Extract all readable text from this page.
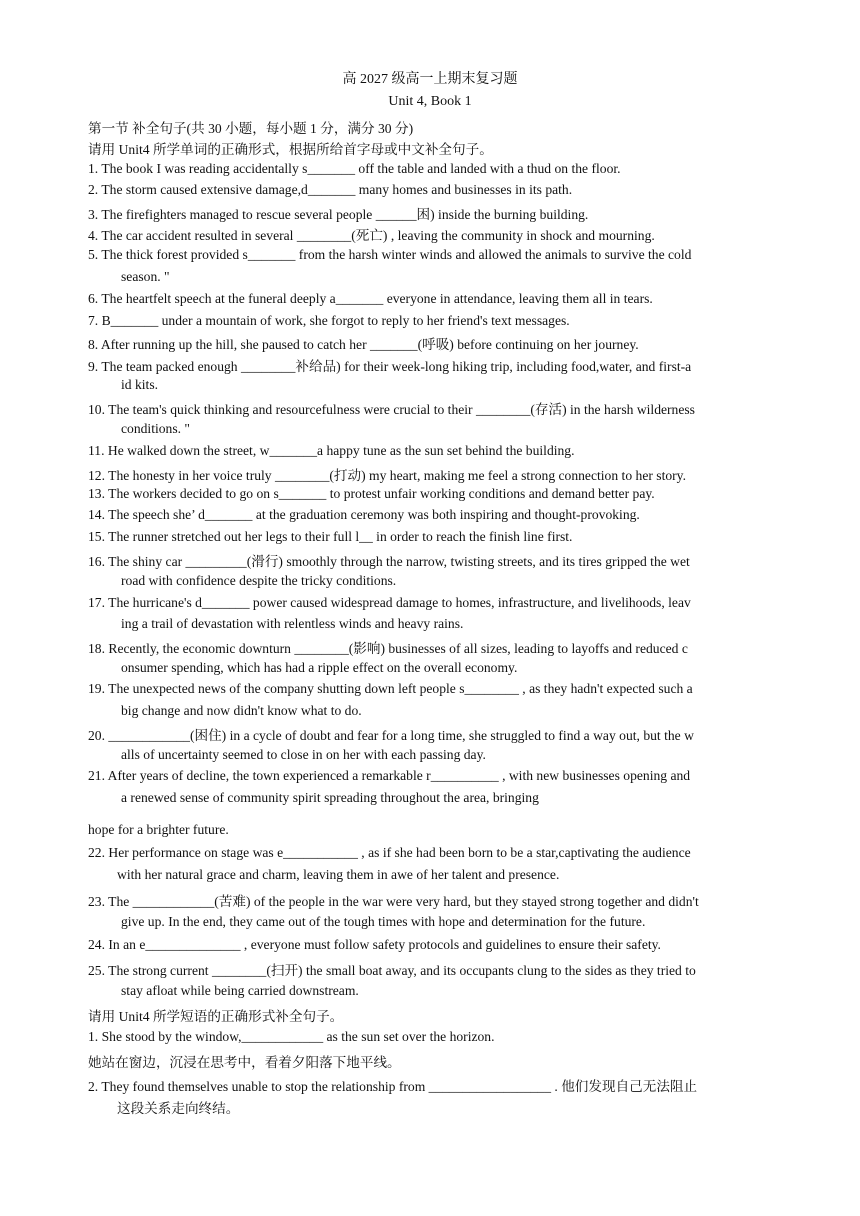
高 2027 级高一上期末复习题
Unit 4, Book 1
第一节 补全句子(共 30 小题，每小题 1 分，满分 30 分)
请用 Unit4 所学单词的正确形式，根据所给首字母或中文补全句子。
1. The book I was reading accidentally s_______ off the table and landed with a thud on the floor.
2. The storm caused extensive damage,d_______ many homes and businesses in its path.
3. The firefighters managed to rescue several people ______困) inside the burning building.
4. The car accident resulted in several ________(死亡) , leaving the community in shock and mourning.
5. The thick forest provided s_______ from the harsh winter winds and allowed the animals to survive the cold
season. "
6. The heartfelt speech at the funeral deeply a_______ everyone in attendance, leaving them all in tears.
7. B_______ under a mountain of work, she forgot to reply to her friend's text messages.
8. After running up the hill, she paused to catch her _______(呼吸) before continuing on her journey.
9. The team packed enough ________补给品) for their week-long hiking trip, including food,water, and first-a
id kits.
10. The team's quick thinking and resourcefulness were crucial to their ________(存活) in the harsh wilderness
conditions. "
11. He walked down the street, w_______a happy tune as the sun set behind the building.
12. The honesty in her voice truly ________(打动) my heart, making me feel a strong connection to her story.
13. The workers decided to go on s_______ to protest unfair working conditions and demand better pay.
14. The speech she’ d_______ at the graduation ceremony was both inspiring and thought-provoking.
15. The runner stretched out her legs to their full l__ in order to reach the finish line first.
16. The shiny car _________(滑行) smoothly through the narrow, twisting streets, and its tires gripped the wet
road with confidence despite the tricky conditions.
17. The hurricane's d_______ power caused widespread damage to homes, infrastructure, and livelihoods, leav
ing a trail of devastation with relentless winds and heavy rains.
18. Recently, the economic downturn ________(影响) businesses of all sizes, leading to layoffs and reduced c
onsumer spending, which has had a ripple effect on the overall economy.
19. The unexpected news of the company shutting down left people s________ , as they hadn't expected such a
big change and now didn't know what to do.
20. ____________(困住) in a cycle of doubt and fear for a long time, she struggled to find a way out, but the w
alls of uncertainty seemed to close in on her with each passing day.
21. After years of decline, the town experienced a remarkable r__________ , with new businesses opening and
a renewed sense of community spirit spreading throughout the area, bringing
hope for a brighter future.
22. Her performance on stage was e___________ , as if she had been born to be a star,captivating the audience
with her natural grace and charm, leaving them in awe of her talent and presence.
23. The ____________(苦难) of the people in the war were very hard, but they stayed strong together and didn't
give up. In the end, they came out of the tough times with hope and determination for the future.
24. In an e______________ , everyone must follow safety protocols and guidelines to ensure their safety.
25. The strong current ________(扫开) the small boat away, and its occupants clung to the sides as they tried to
stay afloat while being carried downstream.
请用 Unit4 所学短语的正确形式补全句子。
1. She stood by the window,____________ as the sun set over the horizon.
她站在窗边，沉浸在思考中，看着夕阳落下地平线。
2. They found themselves unable to stop the relationship from __________________ . 他们发现自己无法阻止
这段关系走向终结。
